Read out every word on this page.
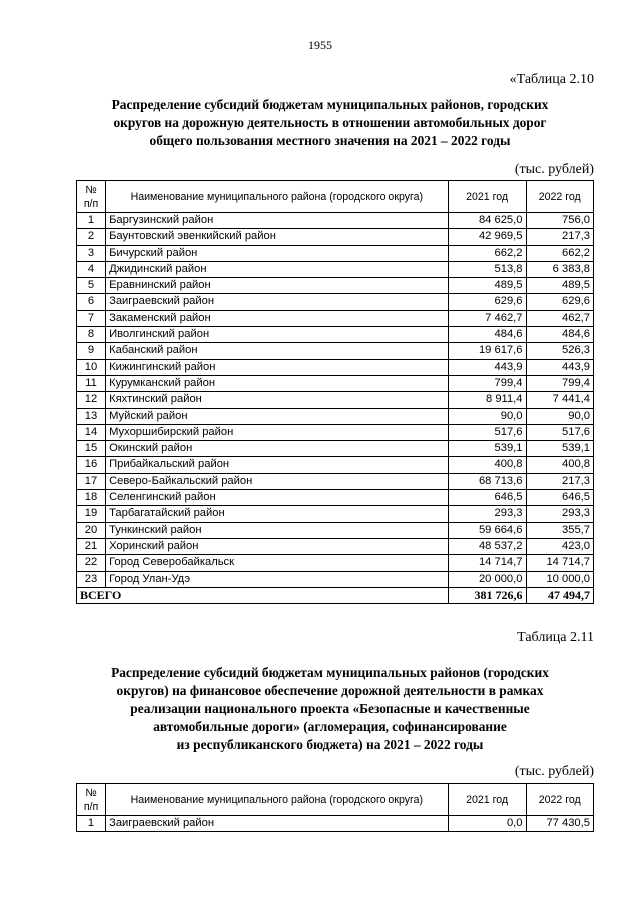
1955
«Таблица 2.10
Распределение субсидий бюджетам муниципальных районов, городских
округов на дорожную деятельность в отношении автомобильных дорог
общего пользования местного значения на 2021 – 2022 годы
(тыс. рублей)
№
п/п	Наименование муниципального района (городского округа)	2021 год	2022 год
1	Баргузинский район	84 625,0	756,0
2	Баунтовский эвенкийский район	42 969,5	217,3
3	Бичурский район	662,2	662,2
4	Джидинский район	513,8	6 383,8
5	Еравнинский район	489,5	489,5
6	Заиграевский район	629,6	629,6
7	Закаменский район	7 462,7	462,7
8	Иволгинский район	484,6	484,6
9	Кабанский район	19 617,6	526,3
10	Кижингинский район	443,9	443,9
11	Курумканский район	799,4	799,4
12	Кяхтинский район	8 911,4	7 441,4
13	Муйский район	90,0	90,0
14	Мухоршибирский район	517,6	517,6
15	Окинский район	539,1	539,1
16	Прибайкальский район	400,8	400,8
17	Северо-Байкальский район	68 713,6	217,3
18	Селенгинский район	646,5	646,5
19	Тарбагатайский район	293,3	293,3
20	Тункинский район	59 664,6	355,7
21	Хоринский район	48 537,2	423,0
22	Город Северобайкальск	14 714,7	14 714,7
23	Город Улан-Удэ	20 000,0	10 000,0
ВСЕГО		381 726,6	47 494,7
Таблица 2.11
Распределение субсидий бюджетам муниципальных районов (городских
округов) на финансовое обеспечение дорожной деятельности в рамках
реализации национального проекта «Безопасные и качественные
автомобильные дороги» (агломерация, софинансирование
из республиканского бюджета) на 2021 – 2022 годы
(тыс. рублей)
№
п/п	Наименование муниципального района (городского округа)	2021 год	2022 год
1	Заиграевский район	0,0	77 430,5
